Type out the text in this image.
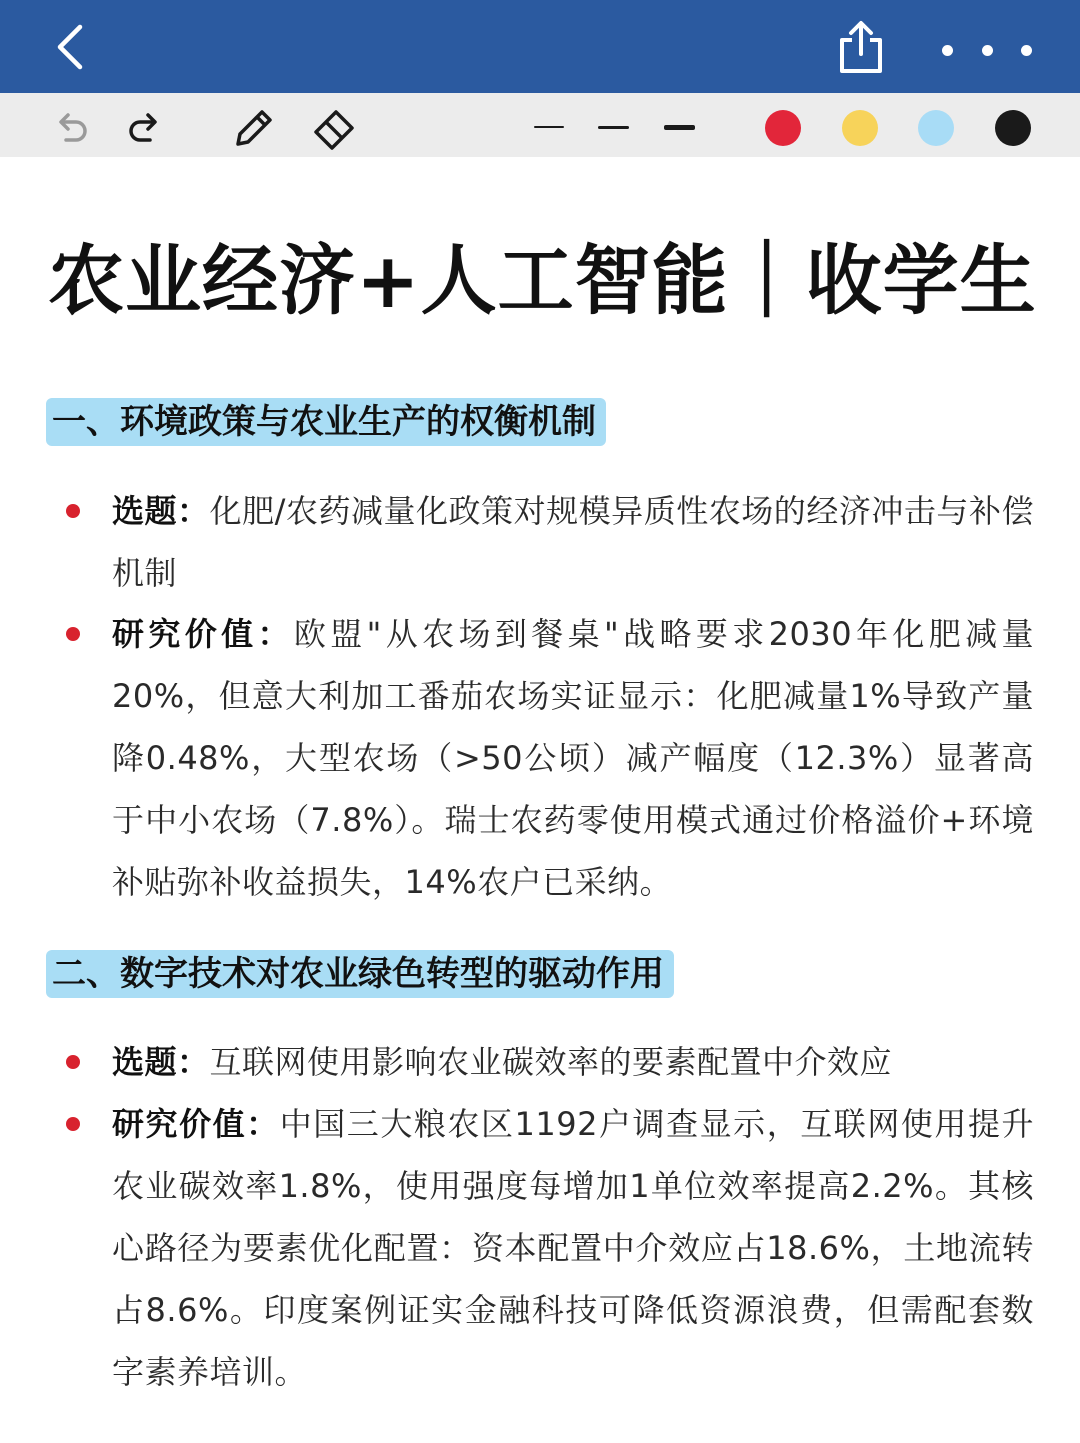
农业经济+人工智能｜收学生
一、环境政策与农业生产的权衡机制
选题：化肥/农药减量化政策对规模异质性农场的经济冲击与补偿机制
研究价值：欧盟"从农场到餐桌"战略要求2030年化肥减量20%，但意大利加工番茄农场实证显示：化肥减量1%导致产量降0.48%，大型农场（>50公顷）减产幅度（12.3%）显著高于中小农场（7.8%）。瑞士农药零使用模式通过价格溢价+环境补贴弥补收益损失，14%农户已采纳。
二、数字技术对农业绿色转型的驱动作用
选题：互联网使用影响农业碳效率的要素配置中介效应
研究价值：中国三大粮农区1192户调查显示，互联网使用提升农业碳效率1.8%，使用强度每增加1单位效率提高2.2%。其核心路径为要素优化配置：资本配置中介效应占18.6%，土地流转占8.6%。印度案例证实金融科技可降低资源浪费，但需配套数字素养培训。
